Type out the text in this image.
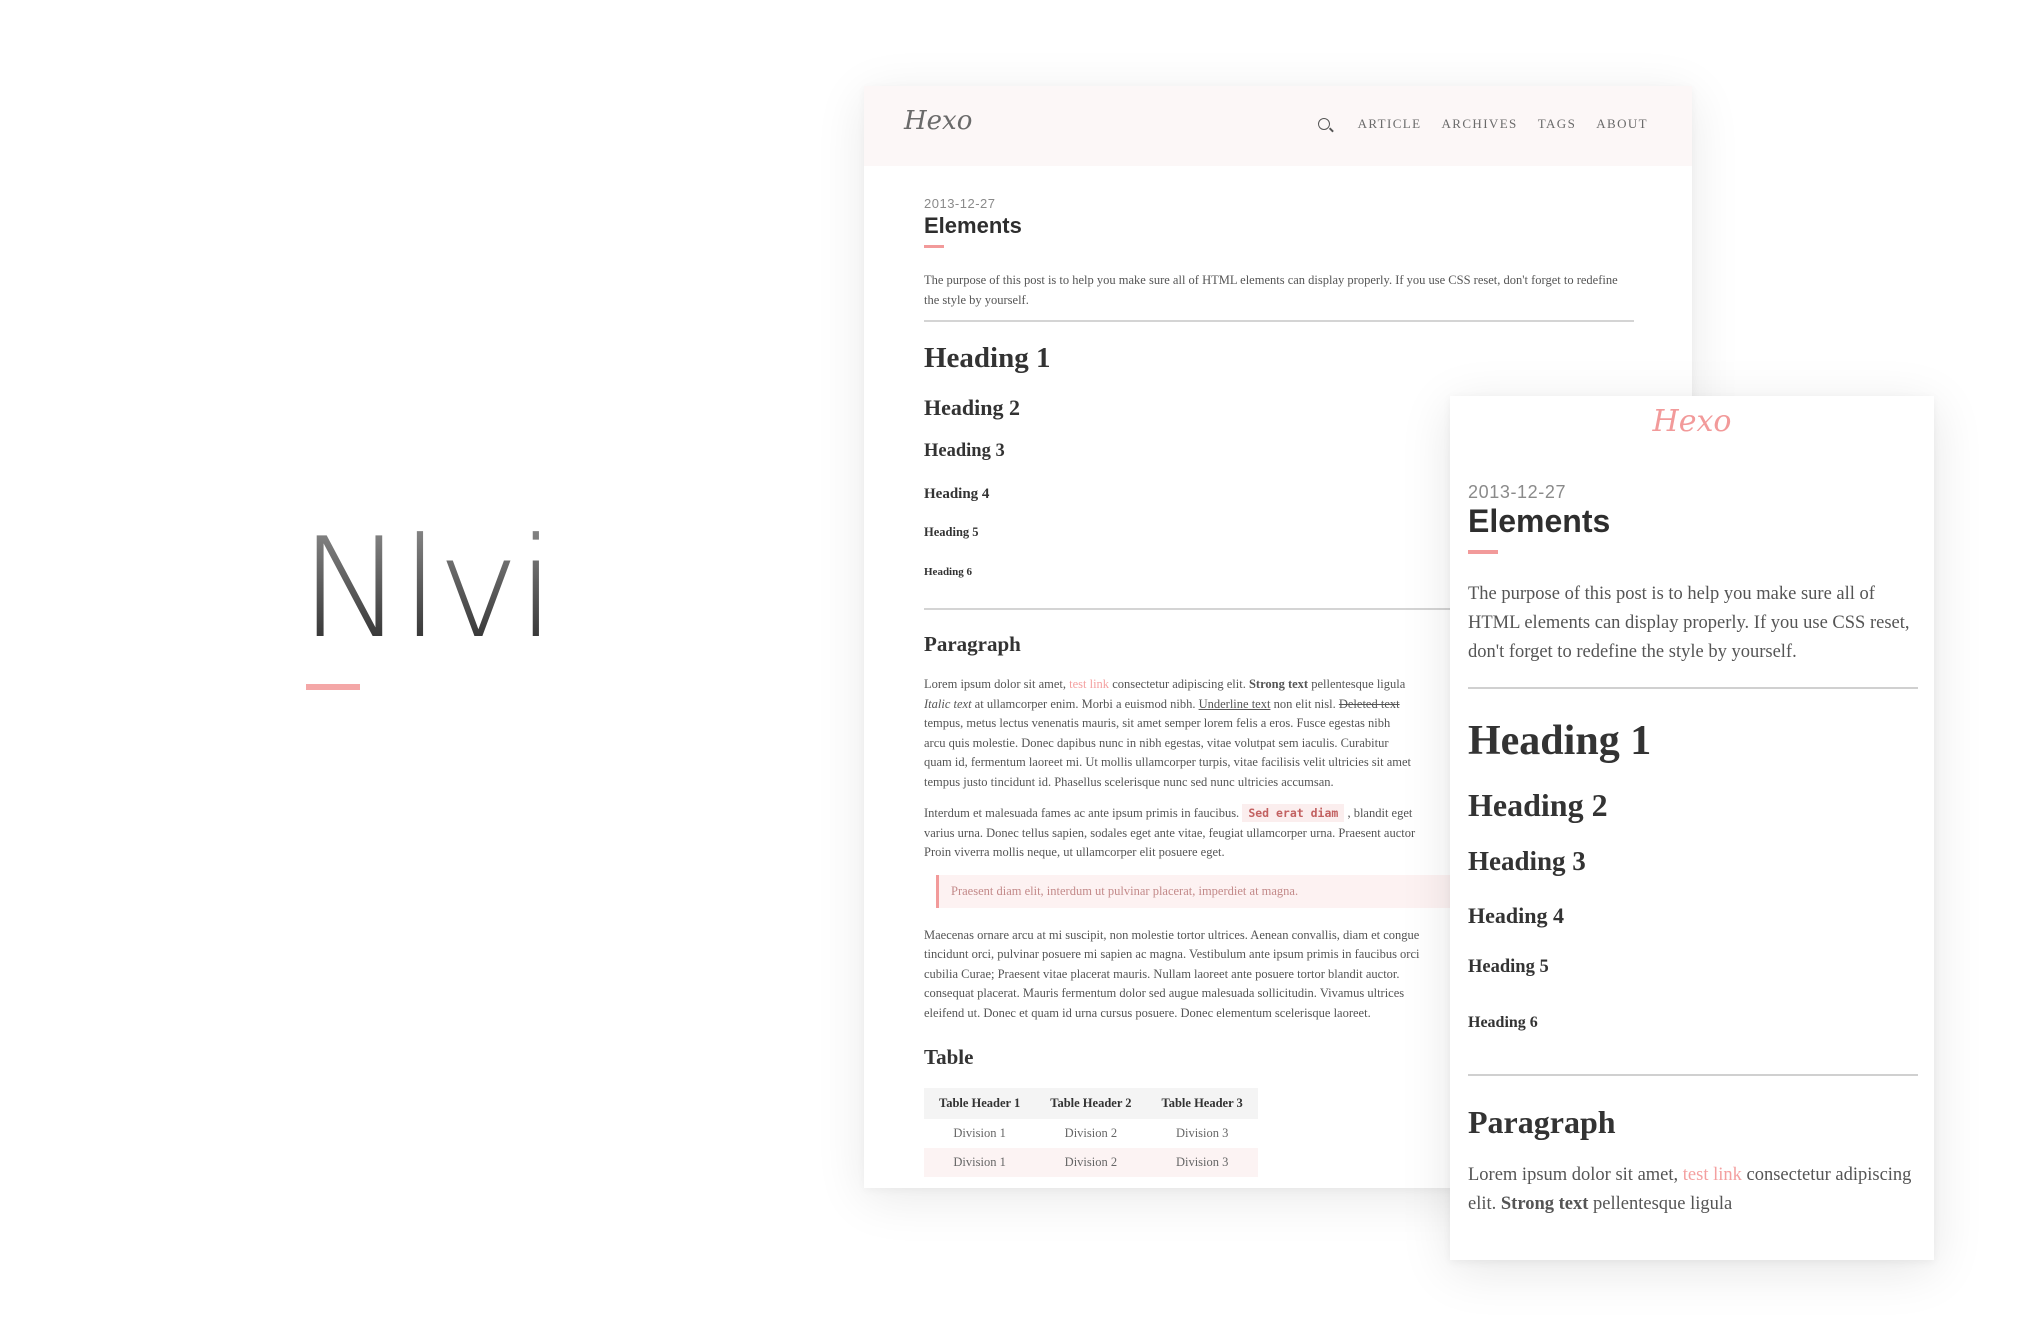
Nlvi
Hexo	ARTICLE ARCHIVES TAGS ABOUT
2013-12-27
Elements
The purpose of this post is to help you make sure all of HTML elements can display properly. If you use CSS reset, don't forget to redefine the style by yourself.
Heading 1
Heading 2
Heading 3
Heading 4
Heading 5
Heading 6
Paragraph

Lorem ipsum dolor sit amet, test link consectetur adipiscing elit. Strong text pellentesque ligula
Italic text at ullamcorper enim. Morbi a euismod nibh. Underline text non elit nisl. Deleted text
tempus, metus lectus venenatis mauris, sit amet semper lorem felis a eros. Fusce egestas nibh
arcu quis molestie. Donec dapibus nunc in nibh egestas, vitae volutpat sem iaculis. Curabitur
quam id, fermentum laoreet mi. Ut mollis ullamcorper turpis, vitae facilisis velit ultricies sit amet
tempus justo tincidunt id. Phasellus scelerisque nunc sed nunc ultricies accumsan.

Interdum et malesuada fames ac ante ipsum primis in faucibus. Sed erat diam , blandit eget
varius urna. Donec tellus sapien, sodales eget ante vitae, feugiat ullamcorper urna. Praesent auctor
Proin viverra mollis neque, ut ullamcorper elit posuere eget.

Praesent diam elit, interdum ut pulvinar placerat, imperdiet at magna.

Maecenas ornare arcu at mi suscipit, non molestie tortor ultrices. Aenean convallis, diam et congue
tincidunt orci, pulvinar posuere mi sapien ac magna. Vestibulum ante ipsum primis in faucibus orci
cubilia Curae; Praesent vitae placerat mauris. Nullam laoreet ante posuere tortor blandit auctor.
consequat placerat. Mauris fermentum dolor sed augue malesuada sollicitudin. Vivamus ultrices
eleifend ut. Donec et quam id urna cursus posuere. Donec elementum scelerisque laoreet.

Table
Table Header 1	Table Header 2	Table Header 3
Division 1	Division 2	Division 3
Division 1	Division 2	Division 3
Hexo
2013-12-27
Elements
The purpose of this post is to help you make sure all of HTML elements can display properly. If you use CSS reset, don't forget to redefine the style by yourself.
Heading 1
Heading 2
Heading 3
Heading 4
Heading 5
Heading 6
Paragraph

Lorem ipsum dolor sit amet, test link consectetur adipiscing elit. Strong text pellentesque ligula
